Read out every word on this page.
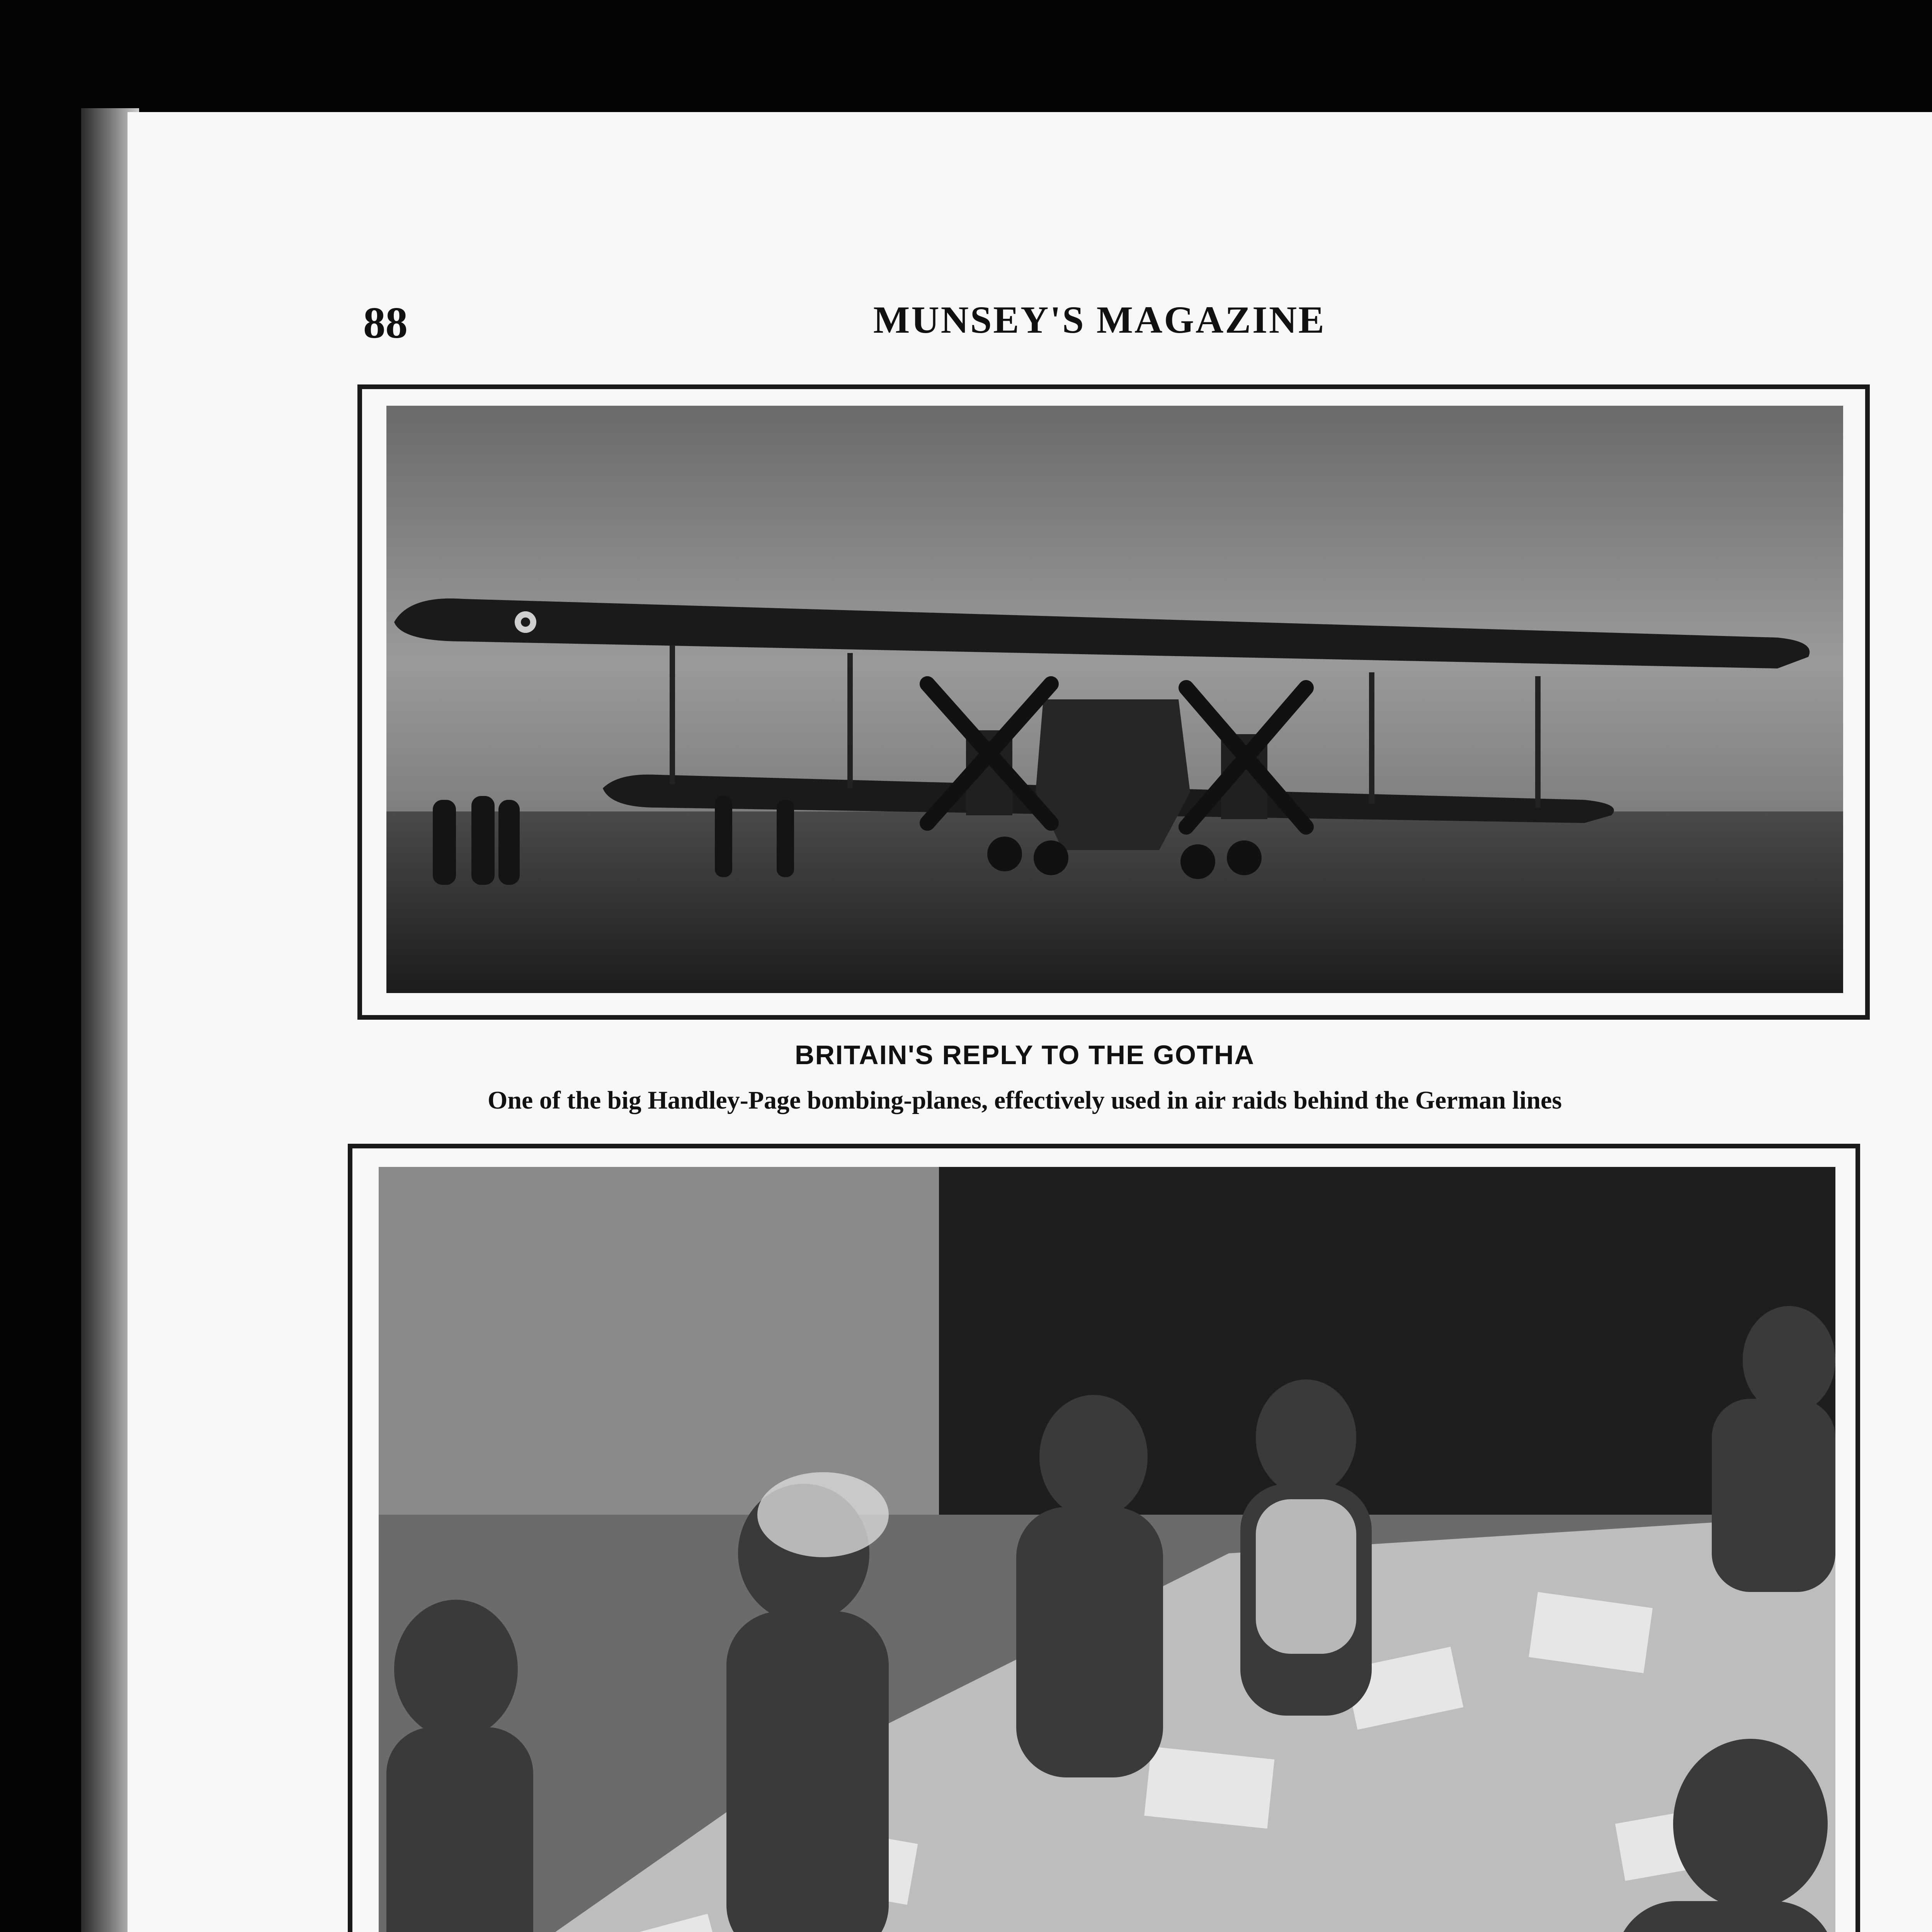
88	MUNSEY'S MAGAZINE
BRITAIN'S REPLY TO THE GOTHA
One of the big Handley-Page bombing-planes, effectively used in air raids behind the German lines
